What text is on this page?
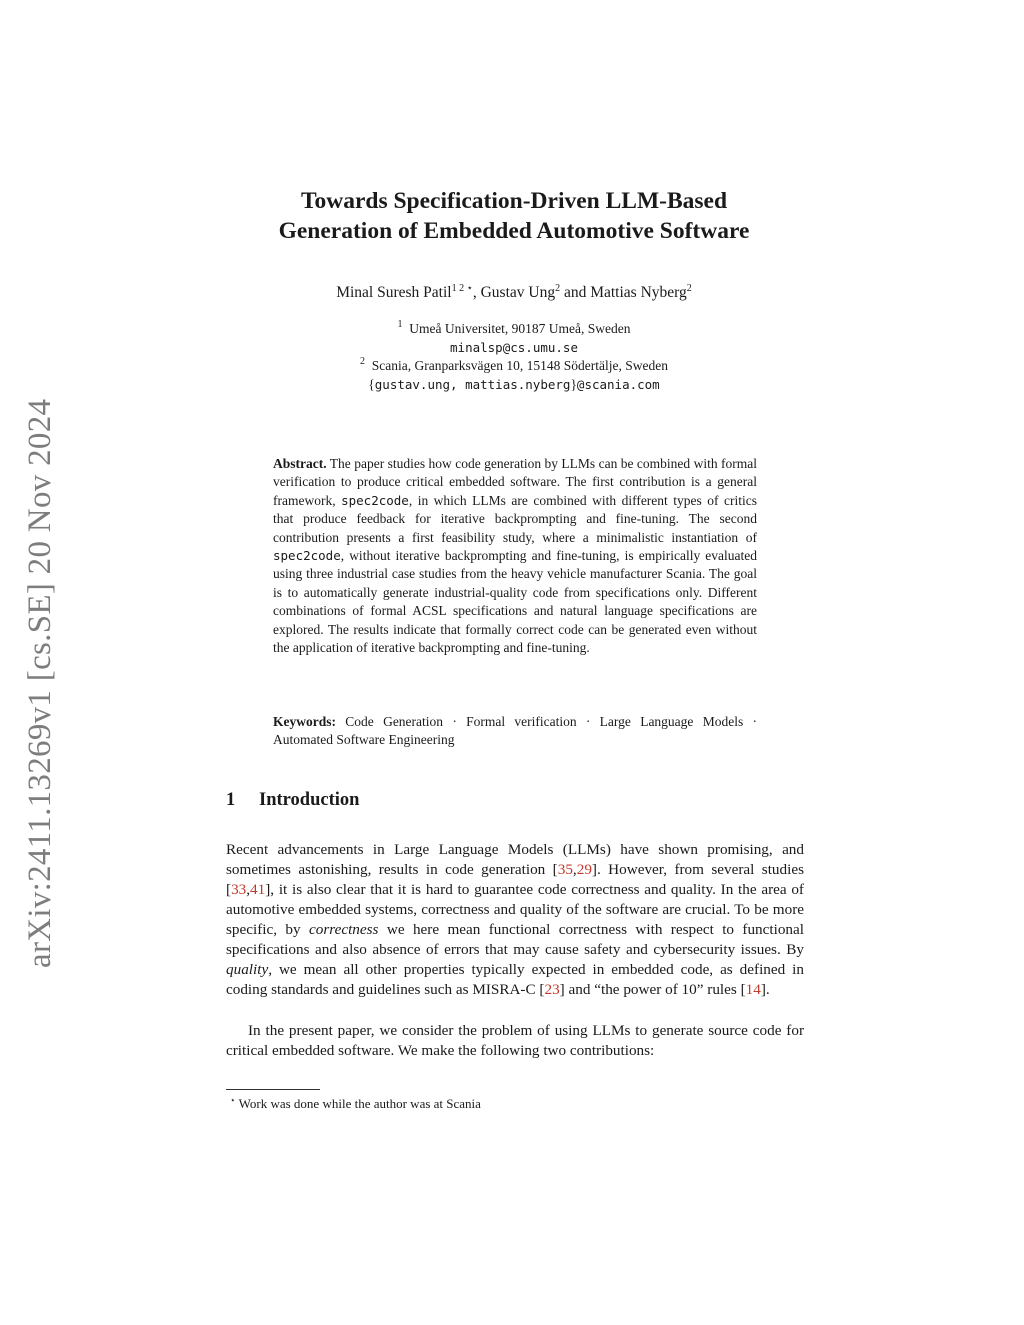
arXiv:2411.13269v1 [cs.SE] 20 Nov 2024
Towards Specification-Driven LLM-Based
Generation of Embedded Automotive Software
Minal Suresh Patil$^{1 2 ⋆}$, Gustav Ung$^2$ and Mattias Nyberg$^2$
$^1$ Umeå Universitet, 90187 Umeå, Sweden
minalsp@cs.umu.se
$^2$ Scania, Granparksvägen 10, 15148 Södertälje, Sweden
{gustav.ung, mattias.nyberg}@scania.com

Abstract. The paper studies how code generation by LLMs can be combined with formal verification to produce critical embedded software. The first contribution is a general framework, spec2code, in which LLMs are combined with different types of critics that produce feedback for iterative backprompting and fine-tuning. The second contribution presents a first feasibility study, where a minimalistic instantiation of spec2code, without iterative backprompting and fine-tuning, is empirically evaluated using three industrial case studies from the heavy vehicle manufacturer Scania. The goal is to automatically generate industrial-quality code from specifications only. Different combinations of formal ACSL specifications and natural language specifications are explored. The results indicate that formally correct code can be generated even without the application of iterative backprompting and fine-tuning.

Keywords: Code Generation · Formal verification · Large Language Models · Automated Software Engineering

1 Introduction

Recent advancements in Large Language Models (LLMs) have shown promising, and sometimes astonishing, results in code generation [35,29]. However, from several studies [33,41], it is also clear that it is hard to guarantee code correctness and quality. In the area of automotive embedded systems, correctness and quality of the software are crucial. To be more specific, by correctness we here mean functional correctness with respect to functional specifications and also absence of errors that may cause safety and cybersecurity issues. By quality, we mean all other properties typically expected in embedded code, as defined in coding standards and guidelines such as MISRA-C [23] and “the power of 10” rules [14].

In the present paper, we consider the problem of using LLMs to generate source code for critical embedded software. We make the following two contributions:

⋆ Work was done while the author was at Scania
